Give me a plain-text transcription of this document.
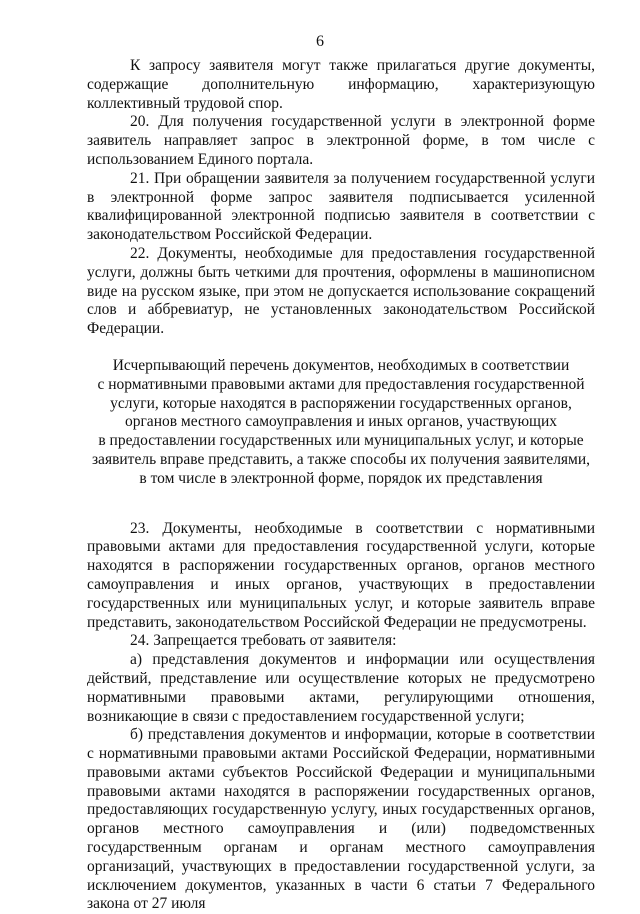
6

К запросу заявителя могут также прилагаться другие документы, содержащие дополнительную информацию, характеризующую коллективный трудовой спор.

20. Для получения государственной услуги в электронной форме заявитель направляет запрос в электронной форме, в том числе с использованием Единого портала.

21. При обращении заявителя за получением государственной услуги в электронной форме запрос заявителя подписывается усиленной квалифицированной электронной подписью заявителя в соответствии с законодательством Российской Федерации.

22. Документы, необходимые для предоставления государственной услуги, должны быть четкими для прочтения, оформлены в машинописном виде на русском языке, при этом не допускается использование сокращений слов и аббревиатур, не установленных законодательством Российской Федерации.

Исчерпывающий перечень документов, необходимых в соответствии
с нормативными правовыми актами для предоставления государственной
услуги, которые находятся в распоряжении государственных органов,
органов местного самоуправления и иных органов, участвующих
в предоставлении государственных или муниципальных услуг, и которые
заявитель вправе представить, а также способы их получения заявителями,
в том числе в электронной форме, порядок их представления

23. Документы, необходимые в соответствии с нормативными правовыми актами для предоставления государственной услуги, которые находятся в распоряжении государственных органов, органов местного самоуправления и иных органов, участвующих в предоставлении государственных или муниципальных услуг, и которые заявитель вправе представить, законодательством Российской Федерации не предусмотрены.

24. Запрещается требовать от заявителя:

а) представления документов и информации или осуществления действий, представление или осуществление которых не предусмотрено нормативными правовыми актами, регулирующими отношения, возникающие в связи с предоставлением государственной услуги;

б) представления документов и информации, которые в соответствии с нормативными правовыми актами Российской Федерации, нормативными правовыми актами субъектов Российской Федерации и муниципальными правовыми актами находятся в распоряжении государственных органов, предоставляющих государственную услугу, иных государственных органов, органов местного самоуправления и (или) подведомственных государственным органам и органам местного самоуправления организаций, участвующих в предоставлении государственной услуги, за исключением документов, указанных в части 6 статьи 7 Федерального закона от 27 июля
